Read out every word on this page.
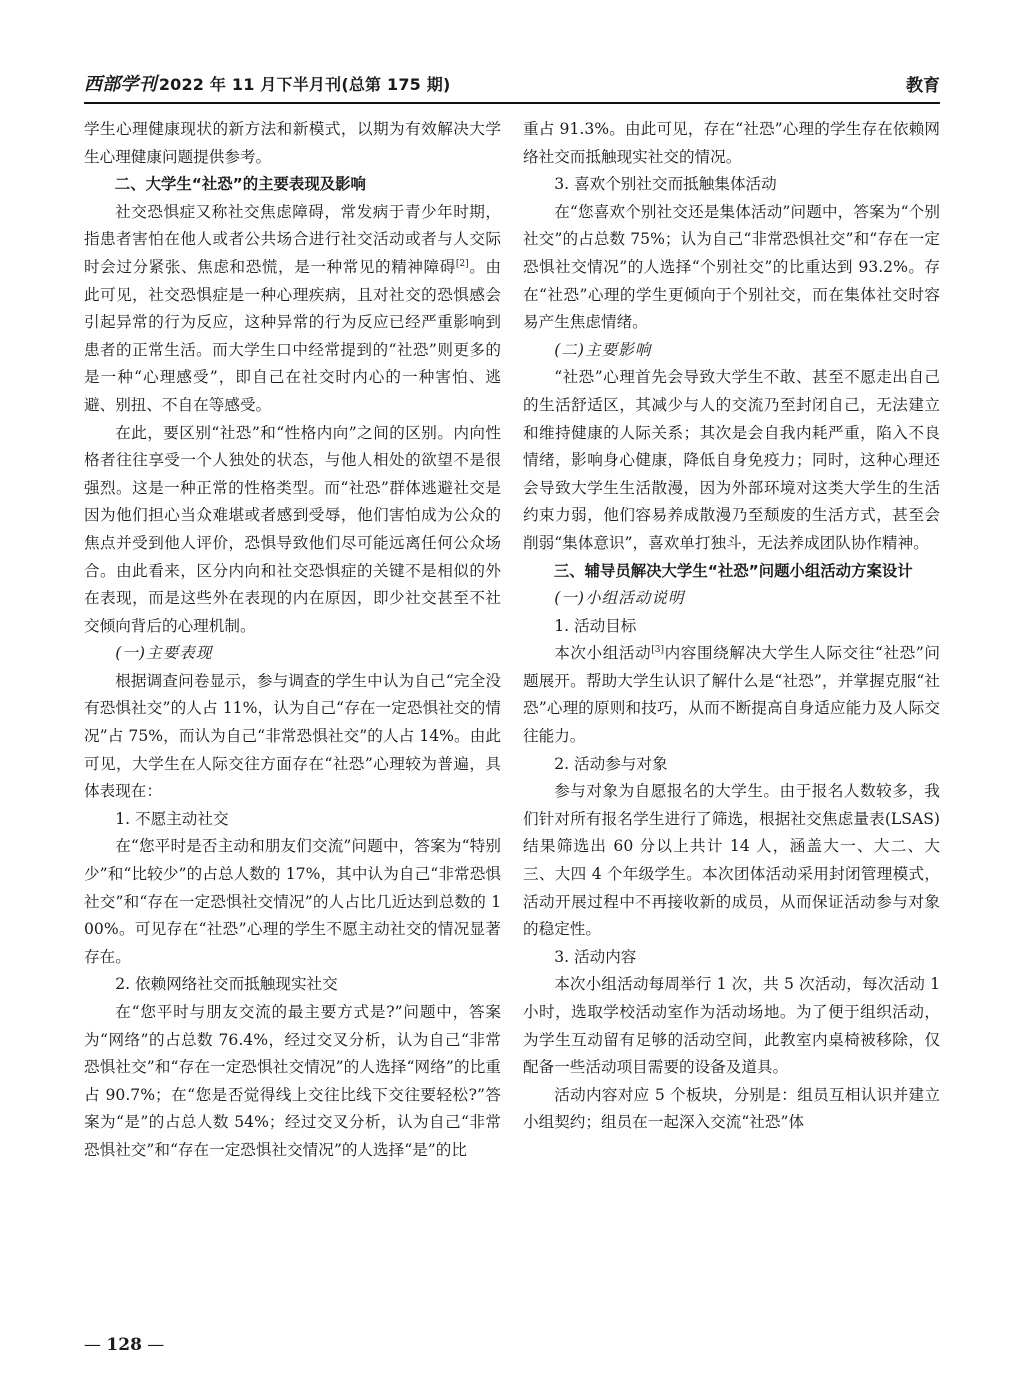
西部学刊 2022 年 11 月下半月刊(总第 175 期)	教育

学生心理健康现状的新方法和新模式，以期为有效解决大学生心理健康问题提供参考。

二、大学生“社恐”的主要表现及影响

社交恐惧症又称社交焦虑障碍，常发病于青少年时期，指患者害怕在他人或者公共场合进行社交活动或者与人交际时会过分紧张、焦虑和恐慌，是一种常见的精神障碍[2]。由此可见，社交恐惧症是一种心理疾病，且对社交的恐惧感会引起异常的行为反应，这种异常的行为反应已经严重影响到患者的正常生活。而大学生口中经常提到的“社恐”则更多的是一种“心理感受”，即自己在社交时内心的一种害怕、逃避、别扭、不自在等感受。

在此，要区别“社恐”和“性格内向”之间的区别。内向性格者往往享受一个人独处的状态，与他人相处的欲望不是很强烈。这是一种正常的性格类型。而“社恐”群体逃避社交是因为他们担心当众难堪或者感到受辱，他们害怕成为公众的焦点并受到他人评价，恐惧导致他们尽可能远离任何公众场合。由此看来，区分内向和社交恐惧症的关键不是相似的外在表现，而是这些外在表现的内在原因，即少社交甚至不社交倾向背后的心理机制。

(一)主要表现

根据调查问卷显示，参与调查的学生中认为自己“完全没有恐惧社交”的人占 11%，认为自己“存在一定恐惧社交的情况”占 75%，而认为自己“非常恐惧社交”的人占 14%。由此可见，大学生在人际交往方面存在“社恐”心理较为普遍，具体表现在：

1. 不愿主动社交

在“您平时是否主动和朋友们交流”问题中，答案为“特别少”和“比较少”的占总人数的 17%，其中认为自己“非常恐惧社交”和“存在一定恐惧社交情况”的人占比几近达到总数的 100%。可见存在“社恐”心理的学生不愿主动社交的情况显著存在。

2. 依赖网络社交而抵触现实社交

在“您平时与朋友交流的最主要方式是?”问题中，答案为“网络”的占总数 76.4%，经过交叉分析，认为自己“非常恐惧社交”和“存在一定恐惧社交情况”的人选择“网络”的比重占 90.7%；在“您是否觉得线上交往比线下交往要轻松?”答案为“是”的占总人数 54%；经过交叉分析，认为自己“非常恐惧社交”和“存在一定恐惧社交情况”的人选择“是”的比

重占 91.3%。由此可见，存在“社恐”心理的学生存在依赖网络社交而抵触现实社交的情况。

3. 喜欢个别社交而抵触集体活动

在“您喜欢个别社交还是集体活动”问题中，答案为“个别社交”的占总数 75%；认为自己“非常恐惧社交”和“存在一定恐惧社交情况”的人选择“个别社交”的比重达到 93.2%。存在“社恐”心理的学生更倾向于个别社交，而在集体社交时容易产生焦虑情绪。

(二)主要影响

“社恐”心理首先会导致大学生不敢、甚至不愿走出自己的生活舒适区，其减少与人的交流乃至封闭自己，无法建立和维持健康的人际关系；其次是会自我内耗严重，陷入不良情绪，影响身心健康，降低自身免疫力；同时，这种心理还会导致大学生生活散漫，因为外部环境对这类大学生的生活约束力弱，他们容易养成散漫乃至颓废的生活方式，甚至会削弱“集体意识”，喜欢单打独斗，无法养成团队协作精神。

三、辅导员解决大学生“社恐”问题小组活动方案设计
(一)小组活动说明
1. 活动目标

本次小组活动[3]内容围绕解决大学生人际交往“社恐”问题展开。帮助大学生认识了解什么是“社恐”，并掌握克服“社恐”心理的原则和技巧，从而不断提高自身适应能力及人际交往能力。

2. 活动参与对象

参与对象为自愿报名的大学生。由于报名人数较多，我们针对所有报名学生进行了筛选，根据社交焦虑量表(LSAS)结果筛选出 60 分以上共计 14 人，涵盖大一、大二、大三、大四 4 个年级学生。本次团体活动采用封闭管理模式，活动开展过程中不再接收新的成员，从而保证活动参与对象的稳定性。

3. 活动内容

本次小组活动每周举行 1 次，共 5 次活动，每次活动 1 小时，选取学校活动室作为活动场地。为了便于组织活动，为学生互动留有足够的活动空间，此教室内桌椅被移除，仅配备一些活动项目需要的设备及道具。

活动内容对应 5 个板块，分别是：组员互相认识并建立小组契约；组员在一起深入交流“社恐”体

— 128 —
